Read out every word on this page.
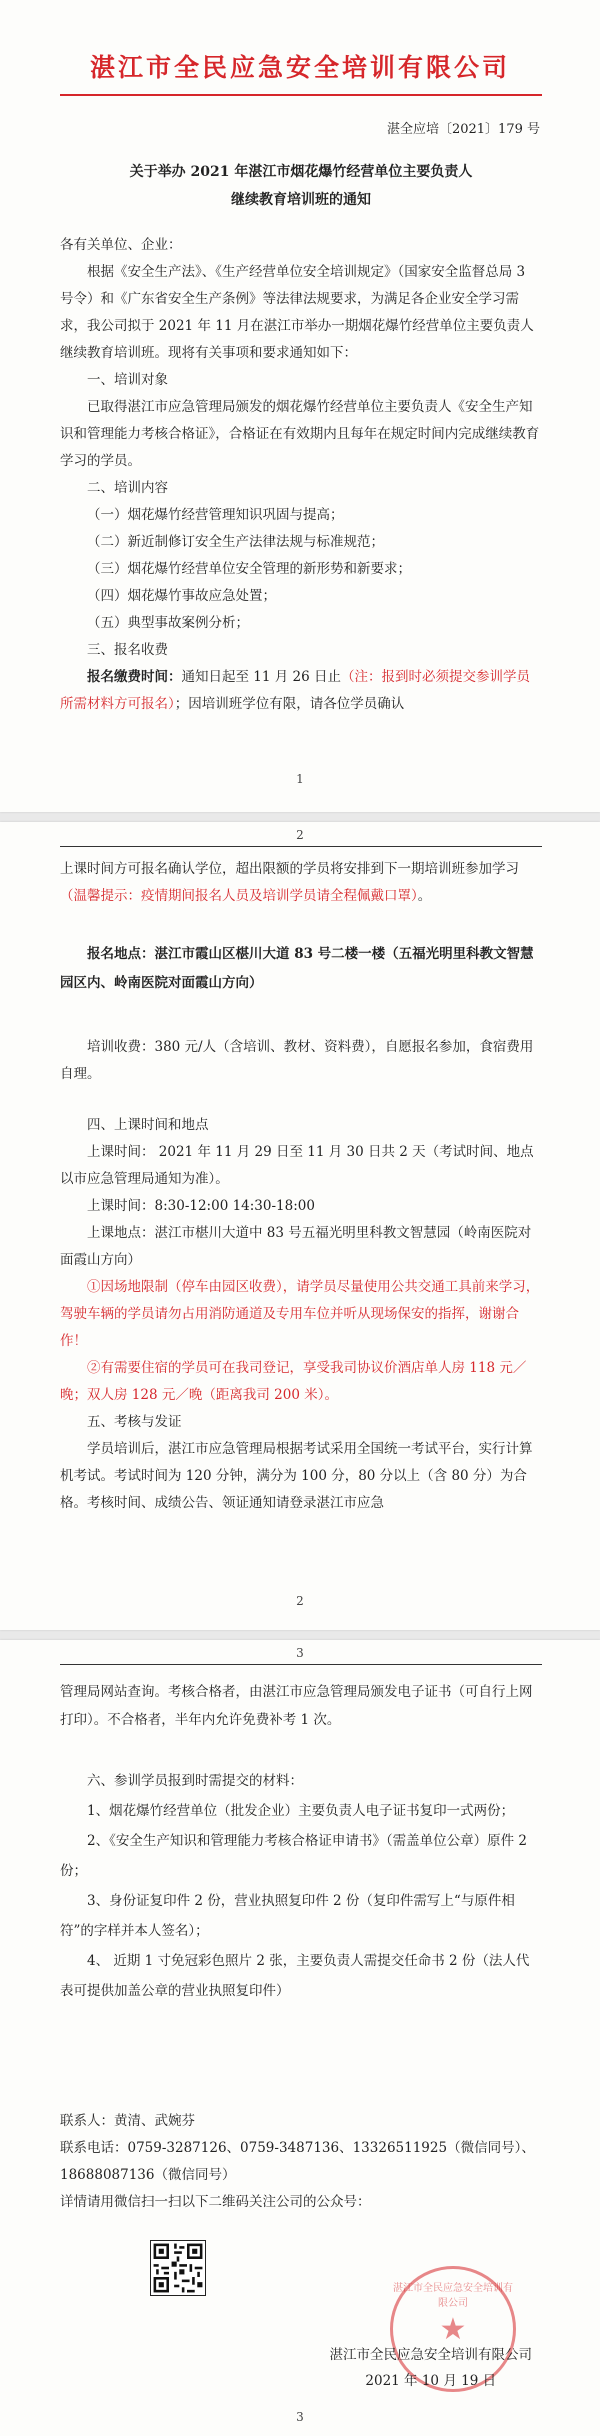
湛江市全民应急安全培训有限公司
湛全应培〔2021〕179 号

关于举办 2021 年湛江市烟花爆竹经营单位主要负责人

继续教育培训班的通知

各有关单位、企业：

根据《安全生产法》、《生产经营单位安全培训规定》（国家安全监督总局 3 号令）和《广东省安全生产条例》等法律法规要求，为满足各企业安全学习需求，我公司拟于 2021 年 11 月在湛江市举办一期烟花爆竹经营单位主要负责人继续教育培训班。现将有关事项和要求通知如下：

一、培训对象

已取得湛江市应急管理局颁发的烟花爆竹经营单位主要负责人《安全生产知识和管理能力考核合格证》，合格证在有效期内且每年在规定时间内完成继续教育学习的学员。

二、培训内容

（一）烟花爆竹经营管理知识巩固与提高；

（二）新近制修订安全生产法律法规与标准规范；

（三）烟花爆竹经营单位安全管理的新形势和新要求；

（四）烟花爆竹事故应急处置；

（五）典型事故案例分析；

三、报名收费

报名缴费时间：通知日起至 11 月 26 日止（注：报到时必须提交参训学员所需材料方可报名）；因培训班学位有限，请各位学员确认

1
2

上课时间方可报名确认学位，超出限额的学员将安排到下一期培训班参加学习（温馨提示：疫情期间报名人员及培训学员请全程佩戴口罩）。

报名地点：湛江市霞山区椹川大道 83 号二楼一楼（五福光明里科教文智慧园区内、岭南医院对面霞山方向）

培训收费：380 元/人（含培训、教材、资料费），自愿报名参加，食宿费用自理。

四、上课时间和地点

上课时间： 2021 年 11 月 29 日至 11 月 30 日共 2 天（考试时间、地点以市应急管理局通知为准）。

上课时间：8:30-12:00 14:30-18:00

上课地点：湛江市椹川大道中 83 号五福光明里科教文智慧园（岭南医院对面霞山方向）

①因场地限制（停车由园区收费），请学员尽量使用公共交通工具前来学习，驾驶车辆的学员请勿占用消防通道及专用车位并听从现场保安的指挥，谢谢合作！

②有需要住宿的学员可在我司登记，享受我司协议价酒店单人房 118 元／晚；双人房 128 元／晚（距离我司 200 米）。

五、考核与发证

学员培训后，湛江市应急管理局根据考试采用全国统一考试平台，实行计算机考试。考试时间为 120 分钟，满分为 100 分，80 分以上（含 80 分）为合格。考核时间、成绩公告、领证通知请登录湛江市应急

2
3

管理局网站查询。考核合格者，由湛江市应急管理局颁发电子证书（可自行上网打印）。不合格者，半年内允许免费补考 1 次。

六、参训学员报到时需提交的材料：

1、烟花爆竹经营单位（批发企业）主要负责人电子证书复印一式两份；

2、《安全生产知识和管理能力考核合格证申请书》（需盖单位公章）原件 2 份；

3、身份证复印件 2 份，营业执照复印件 2 份（复印件需写上“与原件相符”的字样并本人签名）；

4、 近期 1 寸免冠彩色照片 2 张，主要负责人需提交任命书 2 份（法人代表可提供加盖公章的营业执照复印件）

联系人：黄清、武婉芬

联系电话：0759-3287126、0759-3487136、13326511925（微信同号）、18688087136（微信同号）

详情请用微信扫一扫以下二维码关注公司的公众号：

湛江市全民应急安全培训有限公司
★

湛江市全民应急安全培训有限公司

2021 年 10 月 19 日

3
